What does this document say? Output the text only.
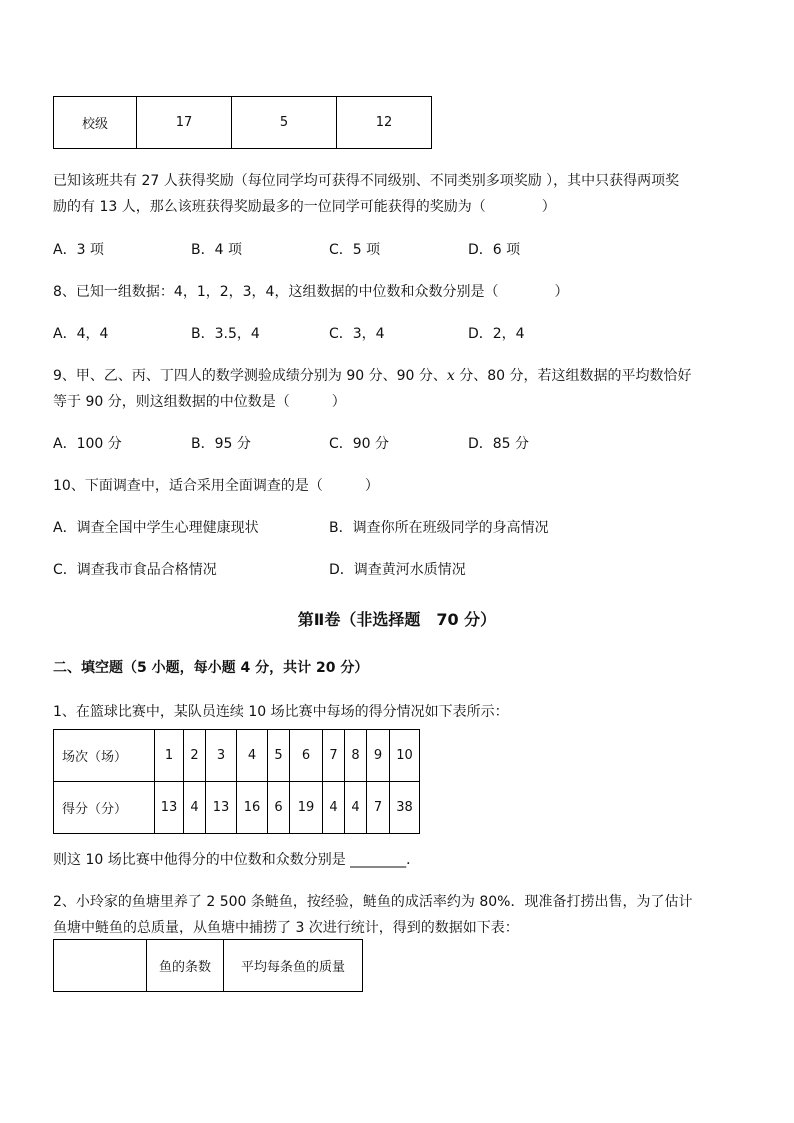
校级	17	5	12
已知该班共有 27 人获得奖励（每位同学均可获得不同级别、不同类别多项奖励 ），其中只获得两项奖
励的有 13 人，那么该班获得奖励最多的一位同学可能获得的奖励为（　　　　）
A．3 项	B．4 项	C．5 项	D．6 项
8、已知一组数据：4，1，2，3，4，这组数据的中位数和众数分别是（　　　　）
A．4，4	B．3.5，4	C．3，4	D．2，4
9、甲、乙、丙、丁四人的数学测验成绩分别为 90 分、90 分、x 分、80 分，若这组数据的平均数恰好
等于 90 分，则这组数据的中位数是（　　　）
A．100 分	B．95 分	C．90 分	D．85 分
10、下面调查中，适合采用全面调查的是（　　　）
A．调查全国中学生心理健康现状	B．调查你所在班级同学的身高情况
C．调查我市食品合格情况	D．调查黄河水质情况
第Ⅱ卷（非选择题　70 分）
二、填空题（5 小题，每小题 4 分，共计 20 分）
1、在篮球比赛中，某队员连续 10 场比赛中每场的得分情况如下表所示：
场次（场）	1	2	3	4	5	6	7	8	9	10
得分（分）	13	4	13	16	6	19	4	4	7	38
则这 10 场比赛中他得分的中位数和众数分别是 ________．
2、小玲家的鱼塘里养了 2 500 条鲢鱼，按经验，鲢鱼的成活率约为 80%．现准备打捞出售，为了估计
鱼塘中鲢鱼的总质量，从鱼塘中捕捞了 3 次进行统计，得到的数据如下表：
	鱼的条数	平均每条鱼的质量
